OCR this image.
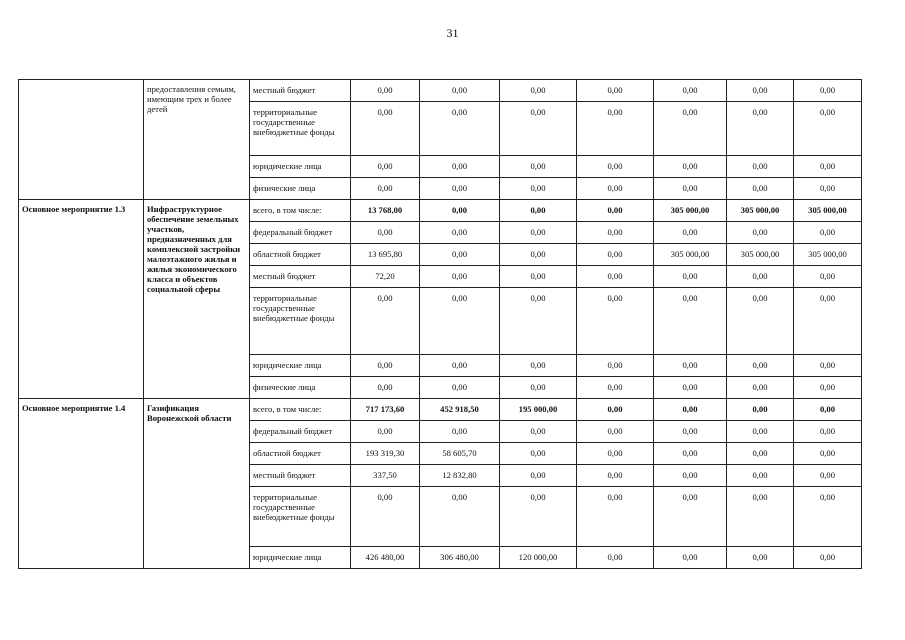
31
	предоставления семьям, имеющим трех и более детей	местный бюджет	0,00	0,00	0,00	0,00	0,00	0,00	0,00
		территориальные государственные внебюджетные фонды	0,00	0,00	0,00	0,00	0,00	0,00	0,00
		юридические лица	0,00	0,00	0,00	0,00	0,00	0,00	0,00
		физические лица	0,00	0,00	0,00	0,00	0,00	0,00	0,00
Основное мероприятие 1.3	Инфраструктурное обеспечение земельных участков, предназначенных для комплексной застройки малоэтажного жилья и жилья экономического класса и объектов социальной сферы	всего, в том числе:	13 768,00	0,00	0,00	0,00	305 000,00	305 000,00	305 000,00
		федеральный бюджет	0,00	0,00	0,00	0,00	0,00	0,00	0,00
		областной бюджет	13 695,80	0,00	0,00	0,00	305 000,00	305 000,00	305 000,00
		местный бюджет	72,20	0,00	0,00	0,00	0,00	0,00	0,00
		территориальные государственные внебюджетные фонды	0,00	0,00	0,00	0,00	0,00	0,00	0,00
		юридические лица	0,00	0,00	0,00	0,00	0,00	0,00	0,00
		физические лица	0,00	0,00	0,00	0,00	0,00	0,00	0,00
Основное мероприятие 1.4	Газификация Воронежской области	всего, в том числе:	717 173,60	452 918,50	195 000,00	0,00	0,00	0,00	0,00
		федеральный бюджет	0,00	0,00	0,00	0,00	0,00	0,00	0,00
		областной бюджет	193 319,30	58 605,70	0,00	0,00	0,00	0,00	0,00
		местный бюджет	337,50	12 832,80	0,00	0,00	0,00	0,00	0,00
		территориальные государственные внебюджетные фонды	0,00	0,00	0,00	0,00	0,00	0,00	0,00
		юридические лица	426 480,00	306 480,00	120 000,00	0,00	0,00	0,00	0,00
